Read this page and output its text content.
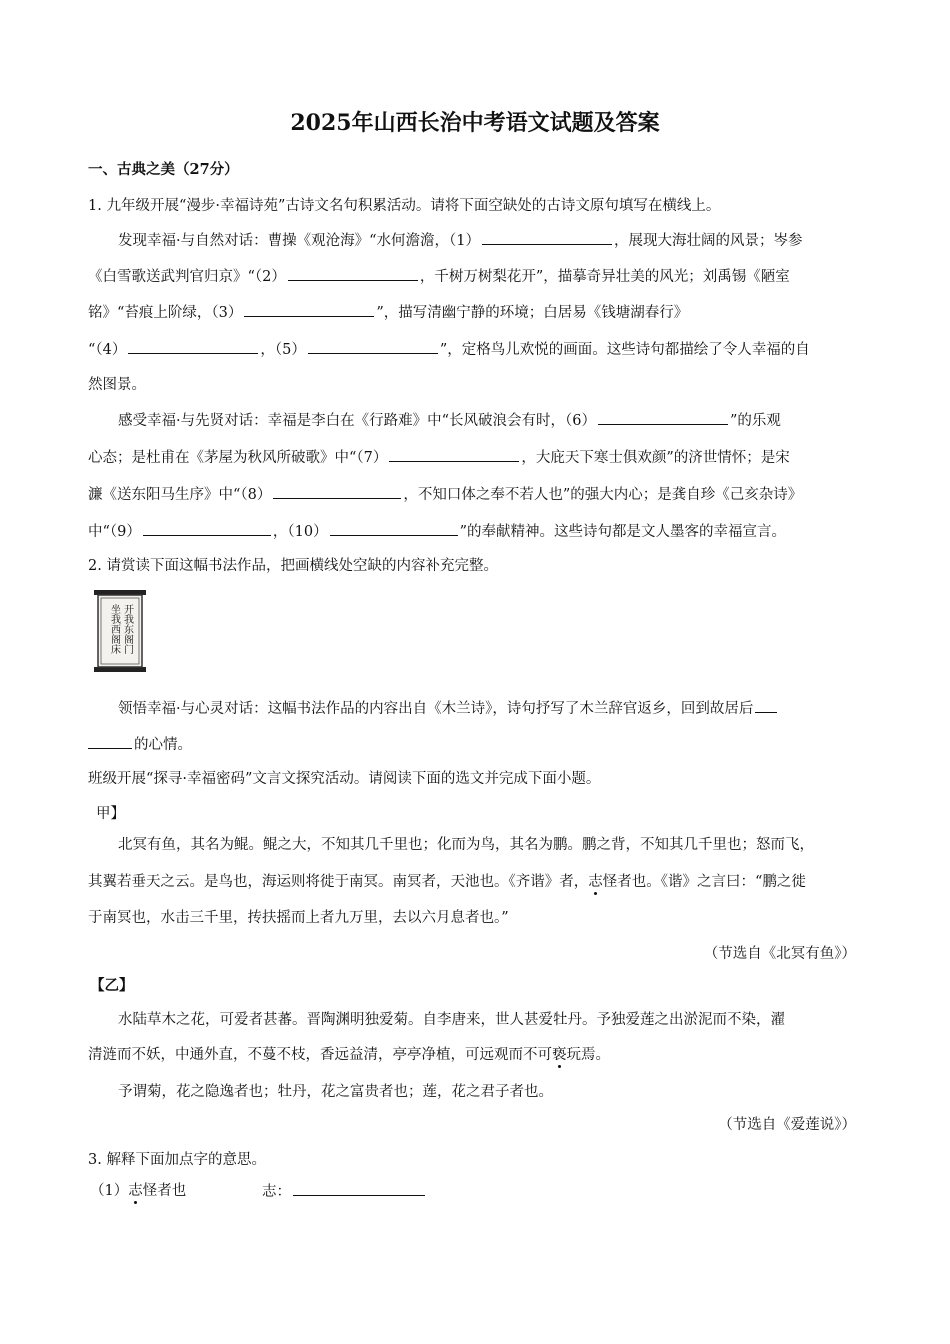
2025年山西长治中考语文试题及答案
一、古典之美（27分）
1. 九年级开展“漫步·幸福诗苑”古诗文名句积累活动。请将下面空缺处的古诗文原句填写在横线上。
发现幸福·与自然对话：曹操《观沧海》“水何澹澹，（1）	，展现大海壮阔的风景；岑参
《白雪歌送武判官归京》“（2）	，千树万树梨花开”，描摹奇异壮美的风光；刘禹锡《陋室
铭》“苔痕上阶绿，（3）	”，描写清幽宁静的环境；白居易《钱塘湖春行》
“（4）	，（5）	”，定格鸟儿欢悦的画面。这些诗句都描绘了令人幸福的自
然图景。
感受幸福·与先贤对话：幸福是李白在《行路难》中“长风破浪会有时，（6）	”的乐观
心态；是杜甫在《茅屋为秋风所破歌》中“（7）	，大庇天下寒士俱欢颜”的济世情怀；是宋
濂《送东阳马生序》中“（8）	，不知口体之奉不若人也”的强大内心；是龚自珍《己亥杂诗》
中“（9）	，（10）	”的奉献精神。这些诗句都是文人墨客的幸福宣言。
2. 请赏读下面这幅书法作品，把画横线处空缺的内容补充完整。
开我东阁门
坐我西阁床
领悟幸福·与心灵对话：这幅书法作品的内容出自《木兰诗》，诗句抒写了木兰辞官返乡，回到故居后
的心情。
班级开展“探寻·幸福密码”文言文探究活动。请阅读下面的选文并完成下面小题。
甲】
北冥有鱼，其名为鲲。鲲之大，不知其几千里也；化而为鸟，其名为鹏。鹏之背，不知其几千里也；怒而飞，
其翼若垂天之云。是鸟也，海运则将徙于南冥。南冥者，天池也。《齐谐》者，志怪者也。《谐》之言曰：“鹏之徙
于南冥也，水击三千里，抟扶摇而上者九万里，去以六月息者也。”
（节选自《北冥有鱼》）
【乙】
水陆草木之花，可爱者甚蕃。晋陶渊明独爱菊。自李唐来，世人甚爱牡丹。予独爱莲之出淤泥而不染，濯
清涟而不妖，中通外直，不蔓不枝，香远益清，亭亭净植，可远观而不可亵玩焉。
予谓菊，花之隐逸者也；牡丹，花之富贵者也；莲，花之君子者也。
（节选自《爱莲说》）
3. 解释下面加点字的意思。
（1）志怪者也	志：
